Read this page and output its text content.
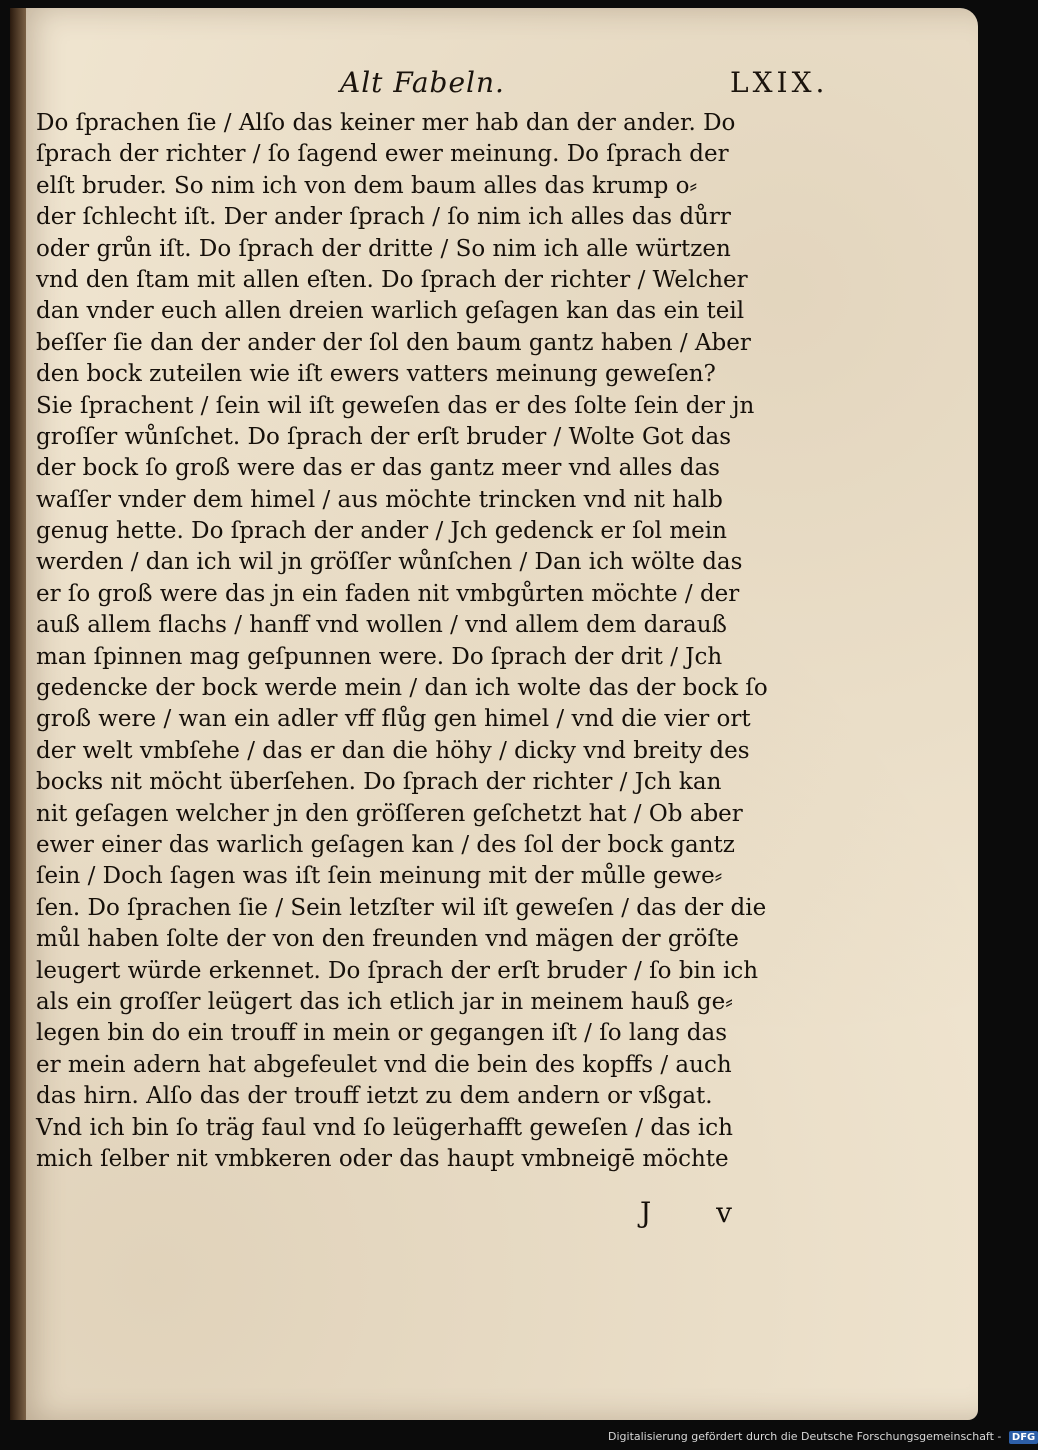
Alt Fabeln.	LXIX.
Do ſprachen ſie / Alſo das keiner mer hab dan der ander. Do
ſprach der richter / ſo ſagend ewer meinung. Do ſprach der
elſt bruder. So nim ich von dem baum alles das krump o⸗
der ſchlecht iſt. Der ander ſprach / ſo nim ich alles das důrr
oder grůn iſt. Do ſprach der dritte / So nim ich alle würtzen
vnd den ſtam mit allen eſten. Do ſprach der richter / Welcher
dan vnder euch allen dreien warlich geſagen kan das ein teil
beſſer ſie dan der ander der ſol den baum gantz haben / Aber
den bock zuteilen wie iſt ewers vatters meinung geweſen?
Sie ſprachent / ſein wil iſt geweſen das er des ſolte ſein der jn
groſſer wůnſchet. Do ſprach der erſt bruder / Wolte Got das
der bock ſo groß were das er das gantz meer vnd alles das
waſſer vnder dem himel / aus möchte trincken vnd nit halb
genug hette. Do ſprach der ander / Jch gedenck er ſol mein
werden / dan ich wil jn gröſſer wůnſchen / Dan ich wölte das
er ſo groß were das jn ein faden nit vmbgůrten möchte / der
auß allem flachs / hanff vnd wollen / vnd allem dem darauß
man ſpinnen mag geſpunnen were. Do ſprach der drit / Jch
gedencke der bock werde mein / dan ich wolte das der bock ſo
groß were / wan ein adler vff flůg gen himel / vnd die vier ort
der welt vmbſehe / das er dan die höhy / dicky vnd breity des
bocks nit möcht überſehen. Do ſprach der richter / Jch kan
nit geſagen welcher jn den gröſſeren geſchetzt hat / Ob aber
ewer einer das warlich geſagen kan / des ſol der bock gantz
ſein / Doch ſagen was iſt ſein meinung mit der můlle gewe⸗
ſen. Do ſprachen ſie / Sein letzſter wil iſt geweſen / das der die
můl haben ſolte der von den freunden vnd mägen der gröſte
leugert würde erkennet. Do ſprach der erſt bruder / ſo bin ich
als ein groſſer leügert das ich etlich jar in meinem hauß ge⸗
legen bin do ein trouff in mein or gegangen iſt / ſo lang das
er mein adern hat abgefeulet vnd die bein des kopffs / auch
das hirn. Alſo das der trouff ietzt zu dem andern or vßgat.
Vnd ich bin ſo träg faul vnd ſo leügerhafft geweſen / das ich
mich ſelber nit vmbkeren oder das haupt vmbneigē möchte
J v
Digitalisierung gefördert durch die Deutsche Forschungsgemeinschaft - DFG
